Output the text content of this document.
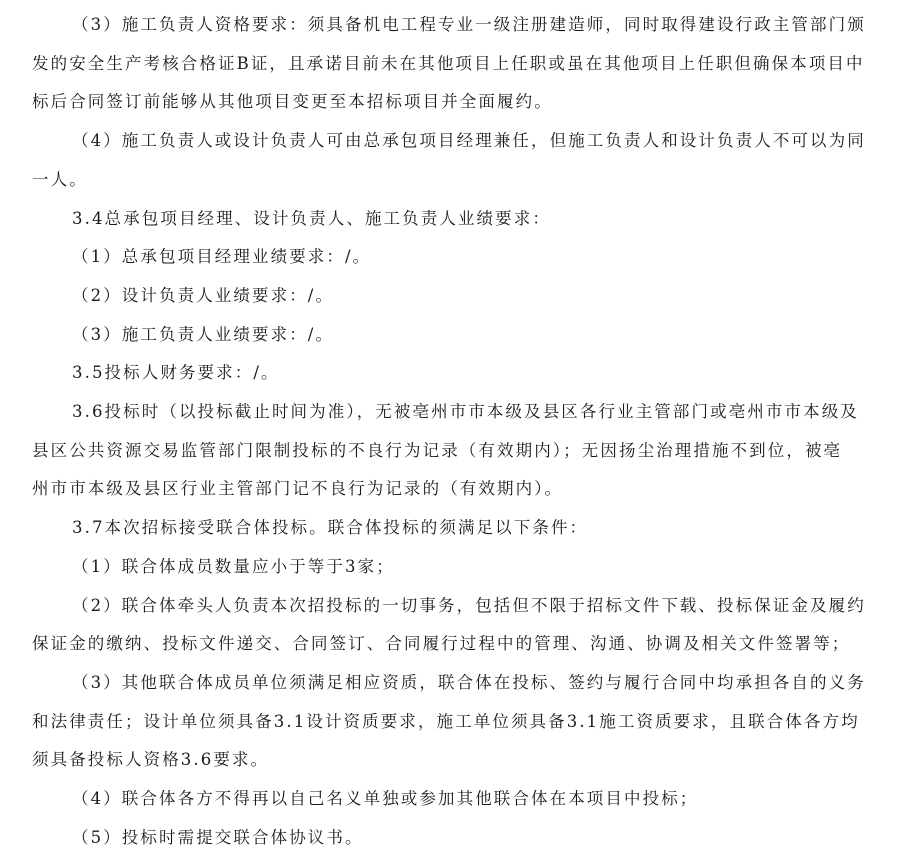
（3）施工负责人资格要求：须具备机电工程专业一级注册建造师，同时取得建设行政主管部门颁

发的安全生产考核合格证B证，且承诺目前未在其他项目上任职或虽在其他项目上任职但确保本项目中

标后合同签订前能够从其他项目变更至本招标项目并全面履约。

（4）施工负责人或设计负责人可由总承包项目经理兼任，但施工负责人和设计负责人不可以为同

一人。

3.4总承包项目经理、设计负责人、施工负责人业绩要求：

（1）总承包项目经理业绩要求：/。

（2）设计负责人业绩要求：/。

（3）施工负责人业绩要求：/。

3.5投标人财务要求：/。

3.6投标时（以投标截止时间为准），无被亳州市市本级及县区各行业主管部门或亳州市市本级及

县区公共资源交易监管部门限制投标的不良行为记录（有效期内）；无因扬尘治理措施不到位，被亳

州市市本级及县区行业主管部门记不良行为记录的（有效期内）。

3.7本次招标接受联合体投标。联合体投标的须满足以下条件：

（1）联合体成员数量应小于等于3家；

（2）联合体牵头人负责本次招投标的一切事务，包括但不限于招标文件下载、投标保证金及履约

保证金的缴纳、投标文件递交、合同签订、合同履行过程中的管理、沟通、协调及相关文件签署等；

（3）其他联合体成员单位须满足相应资质，联合体在投标、签约与履行合同中均承担各自的义务

和法律责任；设计单位须具备3.1设计资质要求，施工单位须具备3.1施工资质要求，且联合体各方均

须具备投标人资格3.6要求。

（4）联合体各方不得再以自己名义单独或参加其他联合体在本项目中投标；

（5）投标时需提交联合体协议书。
